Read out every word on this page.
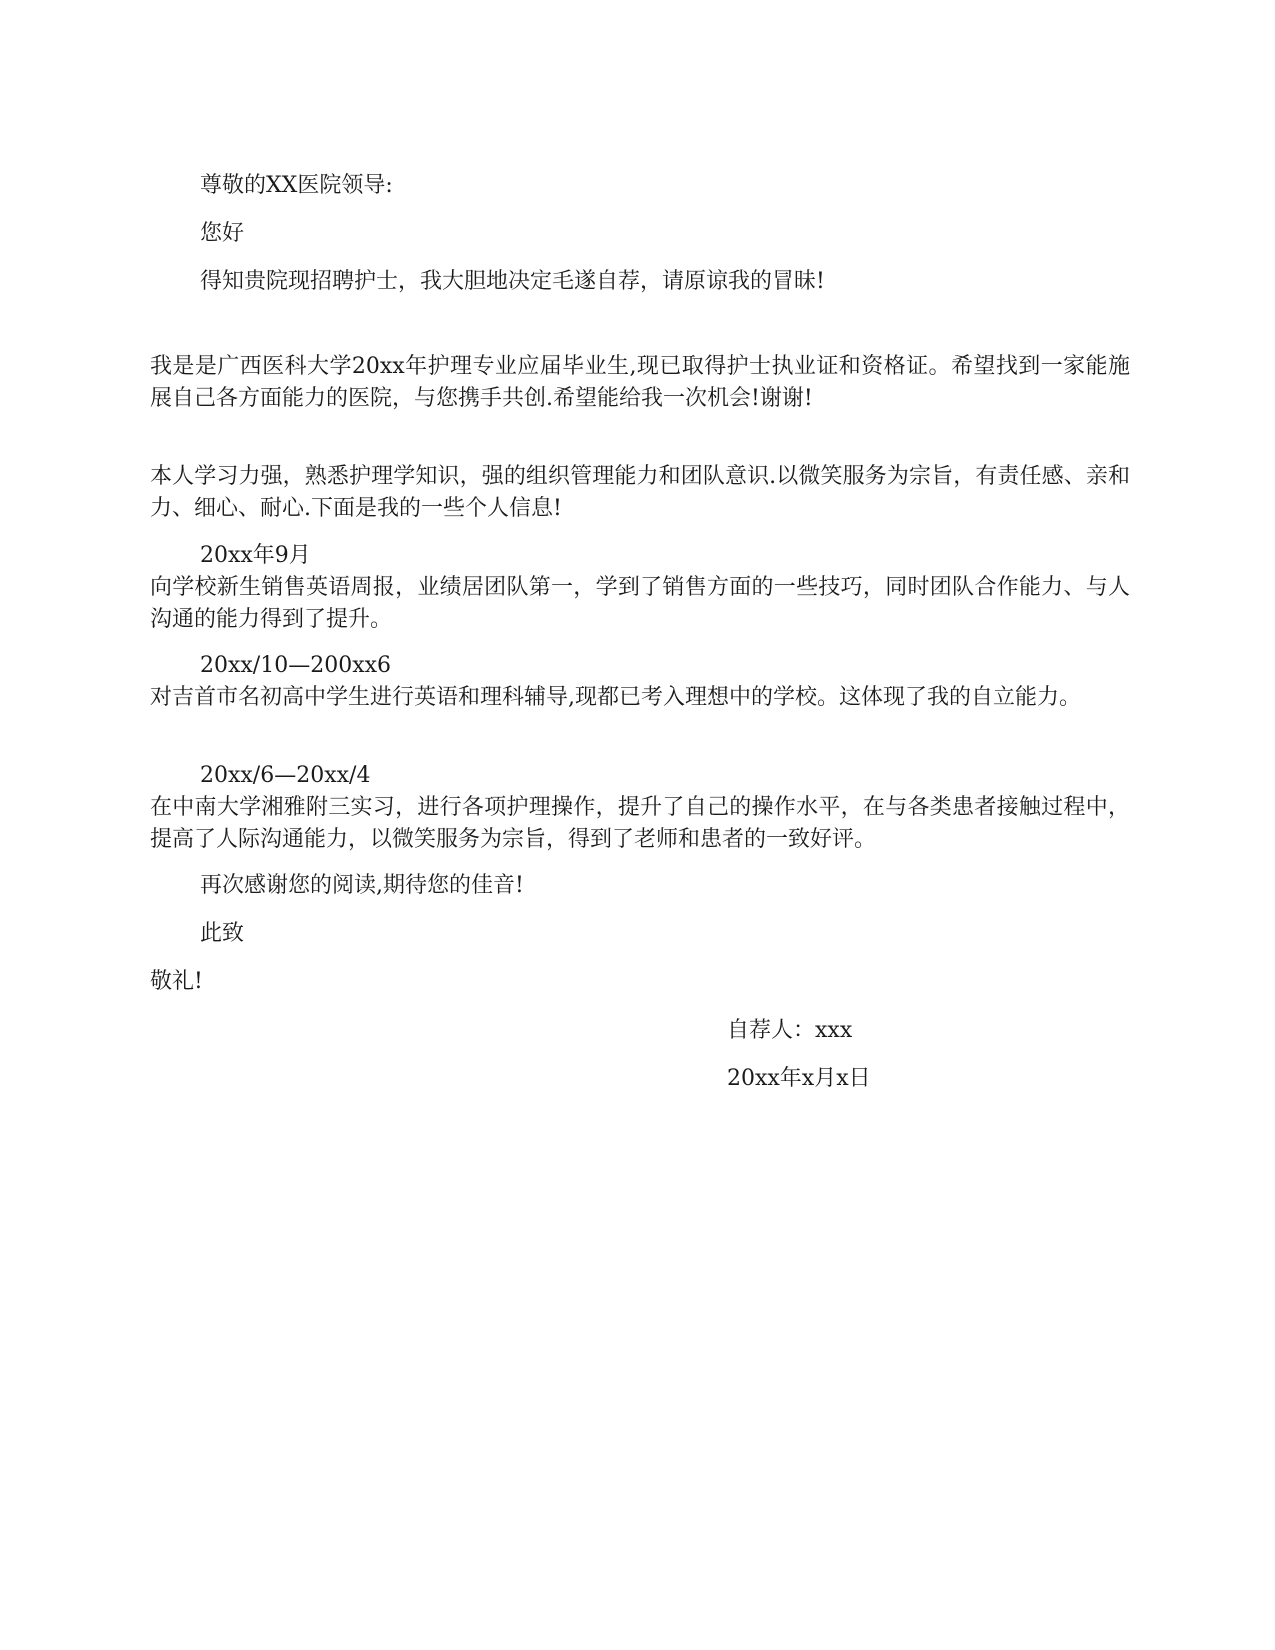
尊敬的XX医院领导:
您好
得知贵院现招聘护士，我大胆地决定毛遂自荐，请原谅我的冒昧!
我是是广西医科大学20xx年护理专业应届毕业生,现已取得护士执业证和资格证。希望找到一家能施展自己各方面能力的医院，与您携手共创.希望能给我一次机会!谢谢!
本人学习力强，熟悉护理学知识，强的组织管理能力和团队意识.以微笑服务为宗旨，有责任感、亲和力、细心、耐心.下面是我的一些个人信息!
20xx年9月
向学校新生销售英语周报，业绩居团队第一，学到了销售方面的一些技巧，同时团队合作能力、与人沟通的能力得到了提升。
20xx/10—200xx6
对吉首市名初高中学生进行英语和理科辅导,现都已考入理想中的学校。这体现了我的自立能力。
20xx/6—20xx/4
在中南大学湘雅附三实习，进行各项护理操作，提升了自己的操作水平，在与各类患者接触过程中，提高了人际沟通能力，以微笑服务为宗旨，得到了老师和患者的一致好评。
再次感谢您的阅读,期待您的佳音!
此致
敬礼!
自荐人：xxx
20xx年x月x日
